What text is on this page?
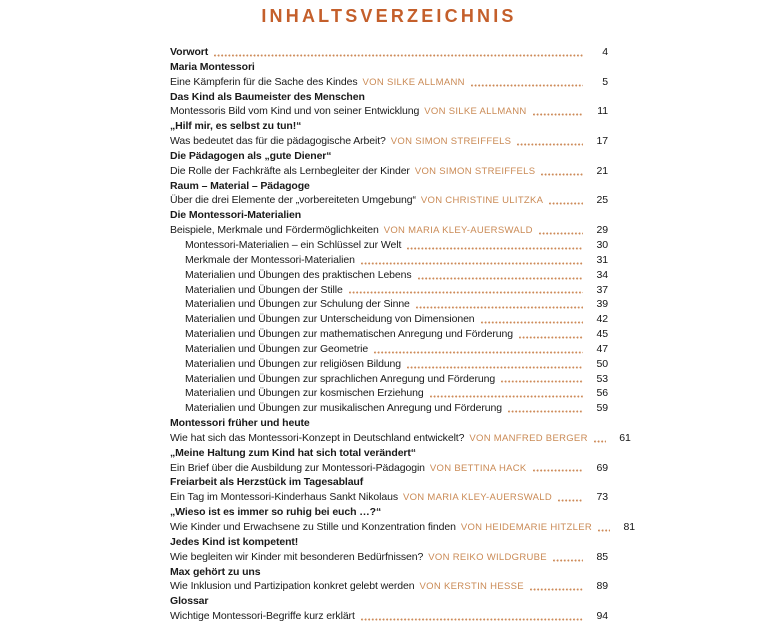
INHALTSVERZEICHNIS
Vorwort	4
Maria Montessori
Eine Kämpferin für die Sache des Kindes VON SILKE ALLMANN	5
Das Kind als Baumeister des Menschen
Montessoris Bild vom Kind und von seiner Entwicklung VON SILKE ALLMANN	11
„Hilf mir, es selbst zu tun!“
Was bedeutet das für die pädagogische Arbeit? VON SIMON STREIFFELS	17
Die Pädagogen als „gute Diener“
Die Rolle der Fachkräfte als Lernbegleiter der Kinder VON SIMON STREIFFELS	21
Raum – Material – Pädagoge
Über die drei Elemente der „vorbereiteten Umgebung“ VON CHRISTINE ULITZKA	25
Die Montessori-Materialien
Beispiele, Merkmale und Fördermöglichkeiten VON MARIA KLEY-AUERSWALD	29
Montessori-Materialien – ein Schlüssel zur Welt	30
Merkmale der Montessori-Materialien	31
Materialien und Übungen des praktischen Lebens	34
Materialien und Übungen der Stille	37
Materialien und Übungen zur Schulung der Sinne	39
Materialien und Übungen zur Unterscheidung von Dimensionen	42
Materialien und Übungen zur mathematischen Anregung und Förderung	45
Materialien und Übungen zur Geometrie	47
Materialien und Übungen zur religiösen Bildung	50
Materialien und Übungen zur sprachlichen Anregung und Förderung	53
Materialien und Übungen zur kosmischen Erziehung	56
Materialien und Übungen zur musikalischen Anregung und Förderung	59
Montessori früher und heute
Wie hat sich das Montessori-Konzept in Deutschland entwickelt? VON MANFRED BERGER	61
„Meine Haltung zum Kind hat sich total verändert“
Ein Brief über die Ausbildung zur Montessori-Pädagogin VON BETTINA HACK	69
Freiarbeit als Herzstück im Tagesablauf
Ein Tag im Montessori-Kinderhaus Sankt Nikolaus VON MARIA KLEY-AUERSWALD	73
„Wieso ist es immer so ruhig bei euch …?“
Wie Kinder und Erwachsene zu Stille und Konzentration finden VON HEIDEMARIE HITZLER	81
Jedes Kind ist kompetent!
Wie begleiten wir Kinder mit besonderen Bedürfnissen? VON REIKO WILDGRUBE	85
Max gehört zu uns
Wie Inklusion und Partizipation konkret gelebt werden VON KERSTIN HESSE	89
Glossar
Wichtige Montessori-Begriffe kurz erklärt	94
